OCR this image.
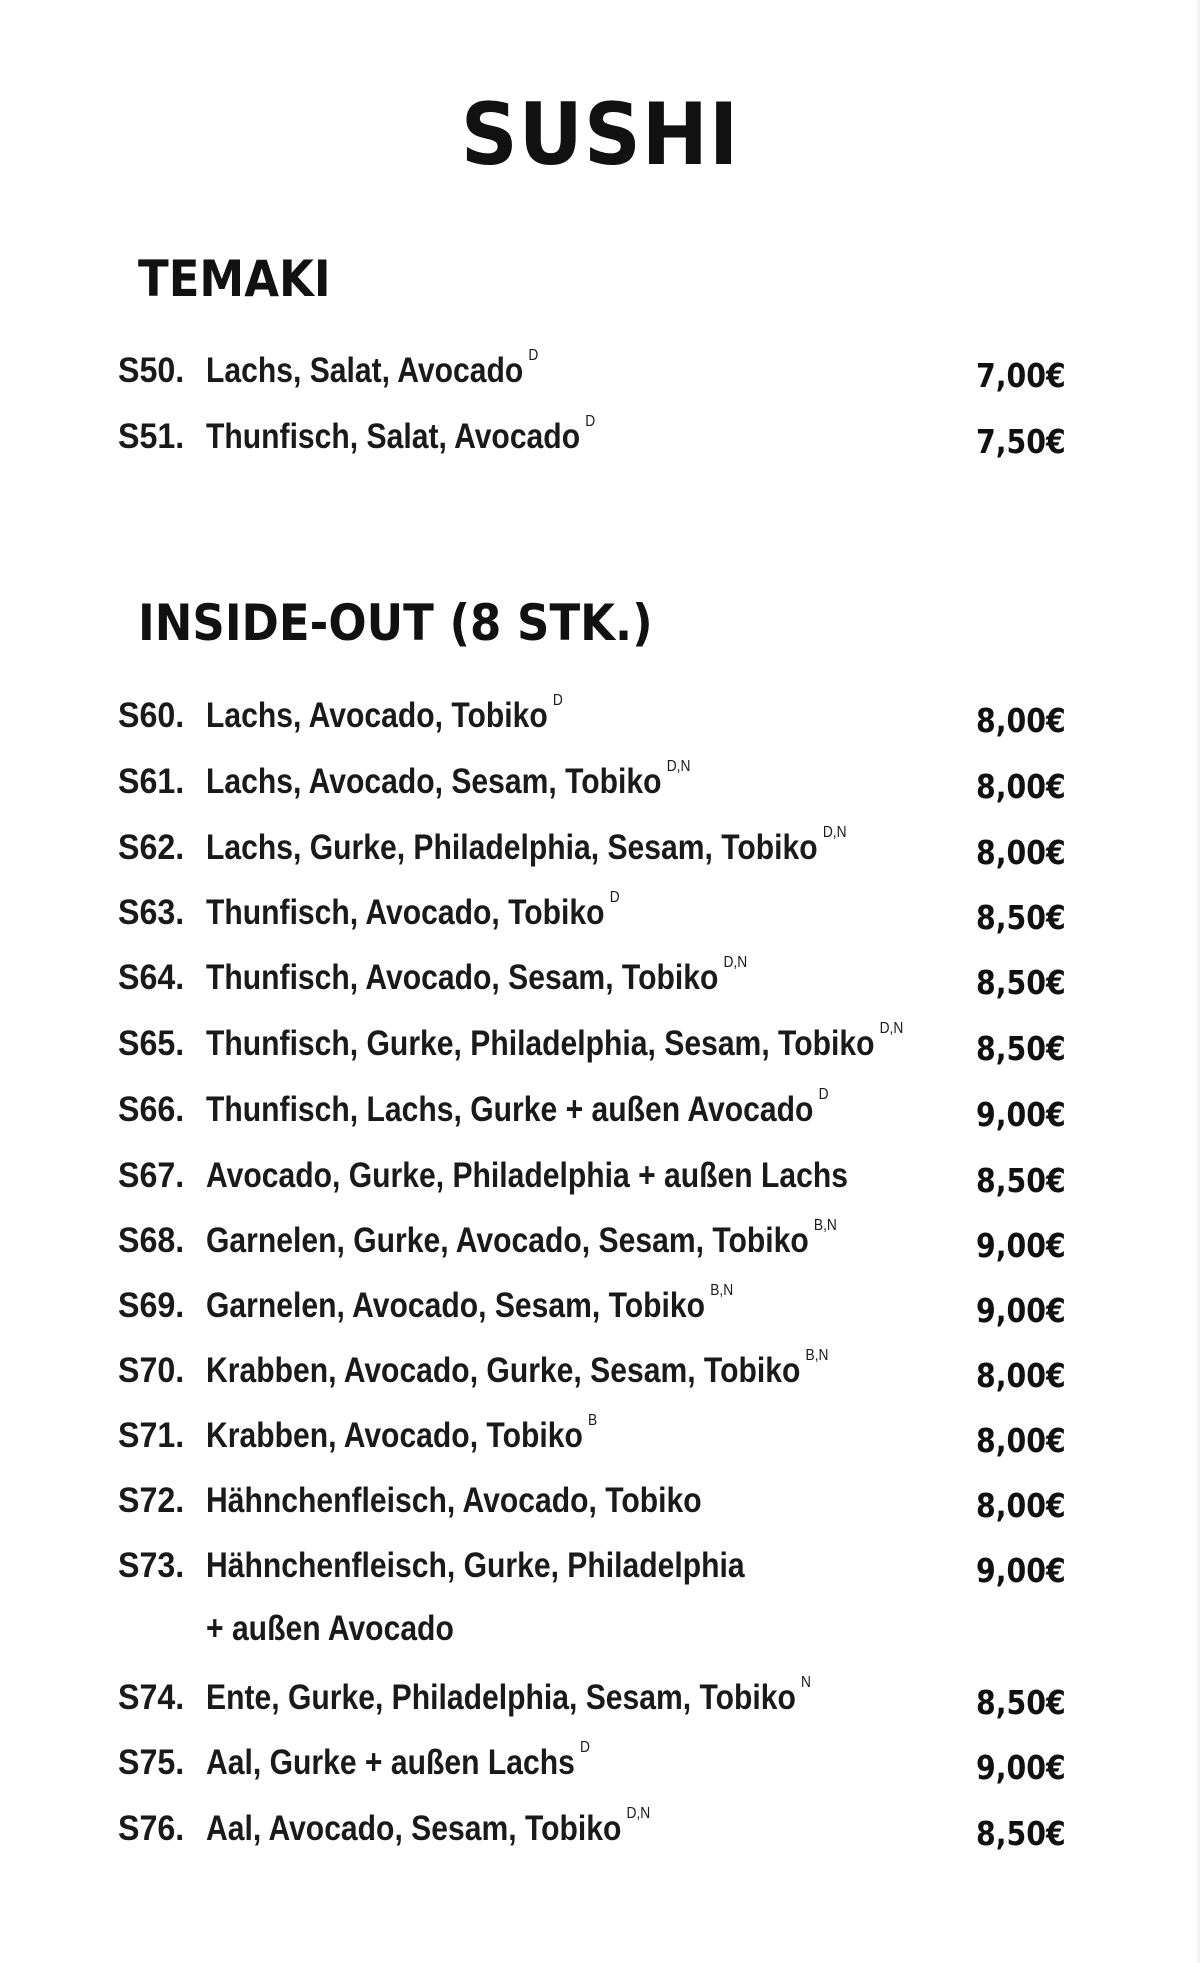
SUSHI
TEMAKI
S50. Lachs, Salat, Avocado $^D$
7,00€
S51. Thunfisch, Salat, Avocado $^D$
7,50€
INSIDE-OUT (8 STK.)
S60. Lachs, Avocado, Tobiko $^D$
8,00€
S61. Lachs, Avocado, Sesam, Tobiko $^{D,N}$
8,00€
S62. Lachs, Gurke, Philadelphia, Sesam, Tobiko $^{D,N}$
8,00€
S63. Thunfisch, Avocado, Tobiko $^D$
8,50€
S64. Thunfisch, Avocado, Sesam, Tobiko $^{D,N}$
8,50€
S65. Thunfisch, Gurke, Philadelphia, Sesam, Tobiko $^{D,N}$
8,50€
S66. Thunfisch, Lachs, Gurke + außen Avocado $^D$
9,00€
S67. Avocado, Gurke, Philadelphia + außen Lachs	8,50€
S68. Garnelen, Gurke, Avocado, Sesam, Tobiko $^{B,N}$
9,00€
S69. Garnelen, Avocado, Sesam, Tobiko $^{B,N}$
9,00€
S70. Krabben, Avocado, Gurke, Sesam, Tobiko $^{B,N}$
8,00€
S71. Krabben, Avocado, Tobiko $^B$
8,00€
S72. Hähnchenfleisch, Avocado, Tobiko	8,00€
S73. Hähnchenfleisch, Gurke, Philadelphia	9,00€
+ außen Avocado
S74. Ente, Gurke, Philadelphia, Sesam, Tobiko $^N$
8,50€
S75. Aal, Gurke + außen Lachs $^D$
9,00€
S76. Aal, Avocado, Sesam, Tobiko $^{D,N}$
8,50€
